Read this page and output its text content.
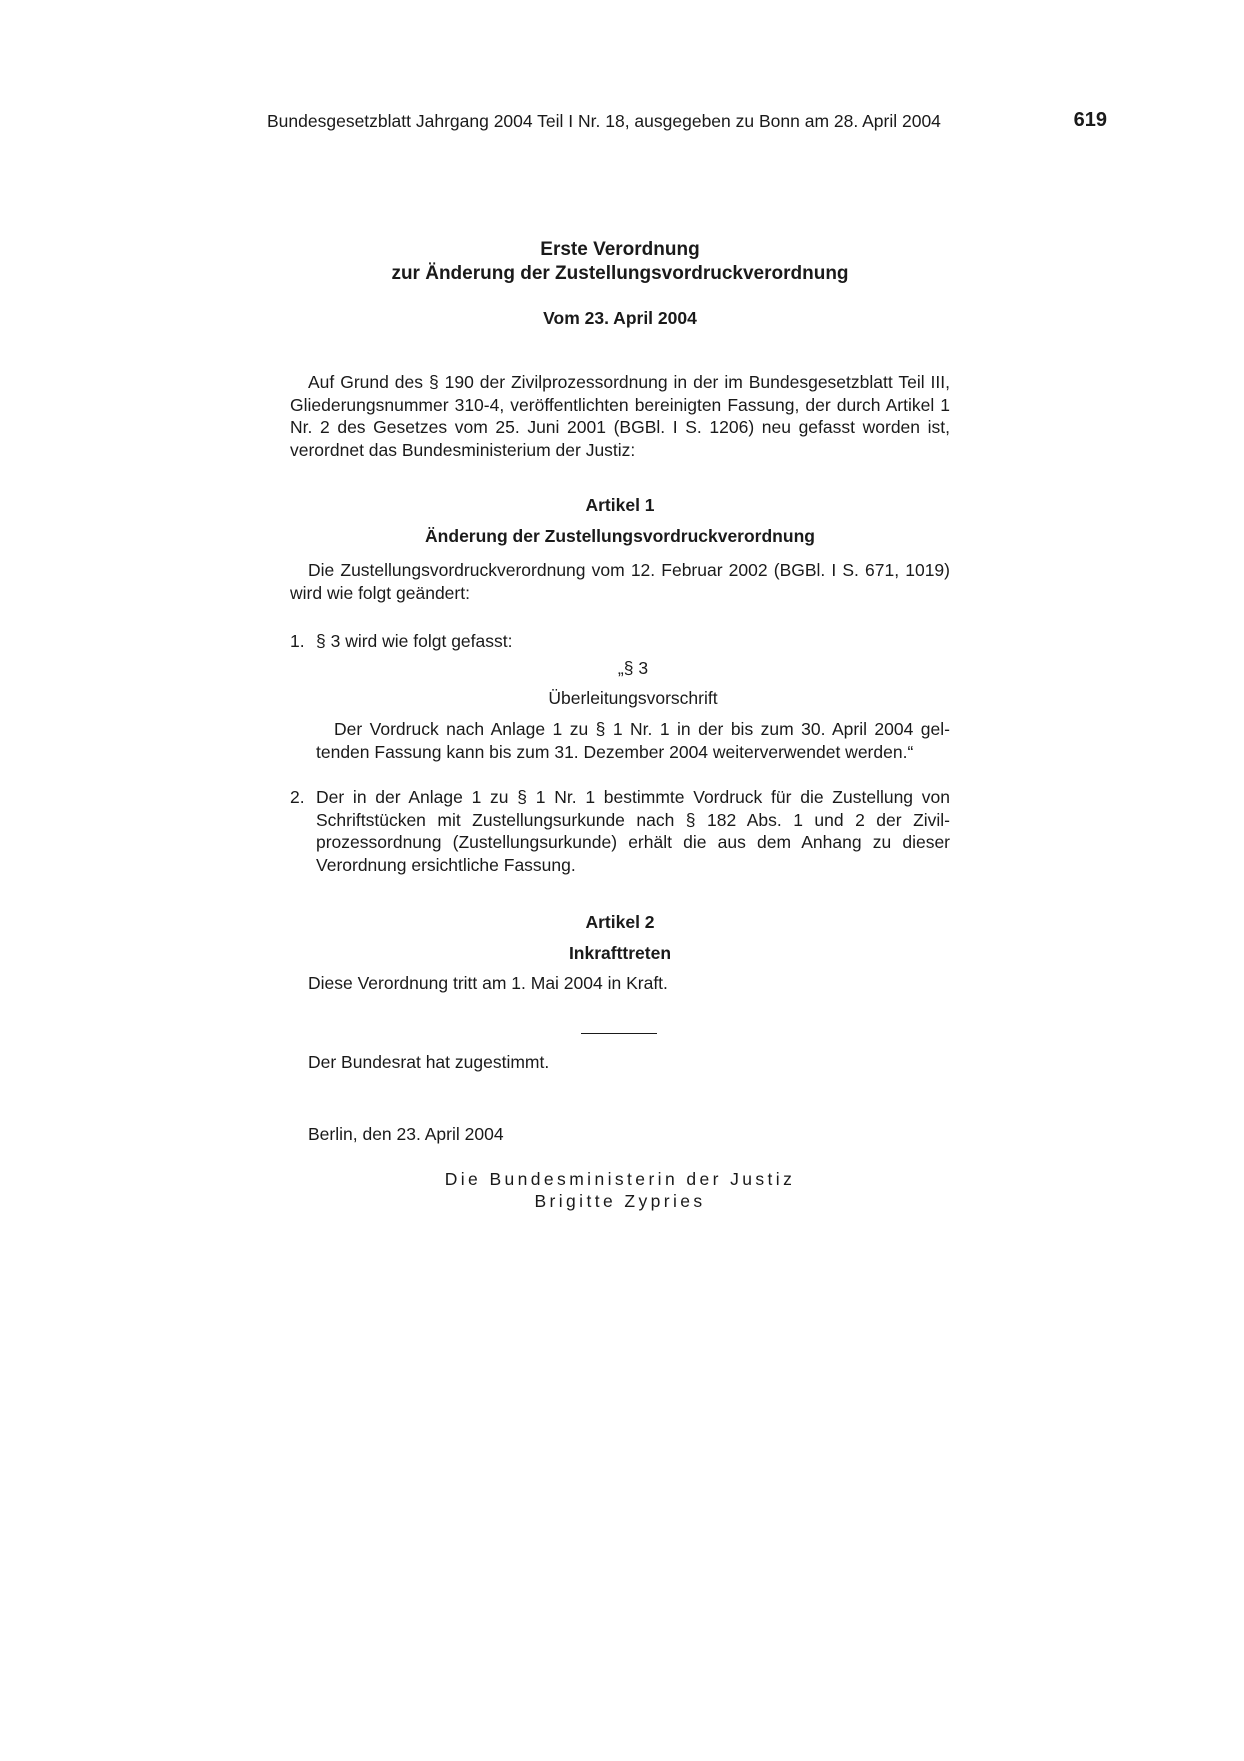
Bundesgesetzblatt Jahrgang 2004 Teil I Nr. 18, ausgegeben zu Bonn am 28. April 2004	619
Erste Verordnung
zur Änderung der Zustellungsvordruckverordnung
Vom 23. April 2004
Auf Grund des § 190 der Zivilprozessordnung in der im Bundesgesetzblatt Teil III, Gliederungsnummer 310-4, veröffentlichten bereinigten Fassung, der durch Artikel 1 Nr. 2 des Gesetzes vom 25. Juni 2001 (BGBl. I S. 1206) neu gefasst worden ist, verordnet das Bundesministerium der Justiz:
Artikel 1
Änderung der Zustellungsvordruckverordnung
Die Zustellungsvordruckverordnung vom 12. Februar 2002 (BGBl. I S. 671, 1019) wird wie folgt geändert:
1. § 3 wird wie folgt gefasst:
„§ 3
Überleitungsvorschrift
Der Vordruck nach Anlage 1 zu § 1 Nr. 1 in der bis zum 30. April 2004 geltenden Fassung kann bis zum 31. Dezember 2004 weiterverwendet werden.“
2. Der in der Anlage 1 zu § 1 Nr. 1 bestimmte Vordruck für die Zustellung von Schriftstücken mit Zustellungsurkunde nach § 182 Abs. 1 und 2 der Zivilprozessordnung (Zustellungsurkunde) erhält die aus dem Anhang zu dieser Verordnung ersichtliche Fassung.
Artikel 2
Inkrafttreten
Diese Verordnung tritt am 1. Mai 2004 in Kraft.
Der Bundesrat hat zugestimmt.
Berlin, den 23. April 2004
Die Bundesministerin der Justiz
Brigitte Zypries
